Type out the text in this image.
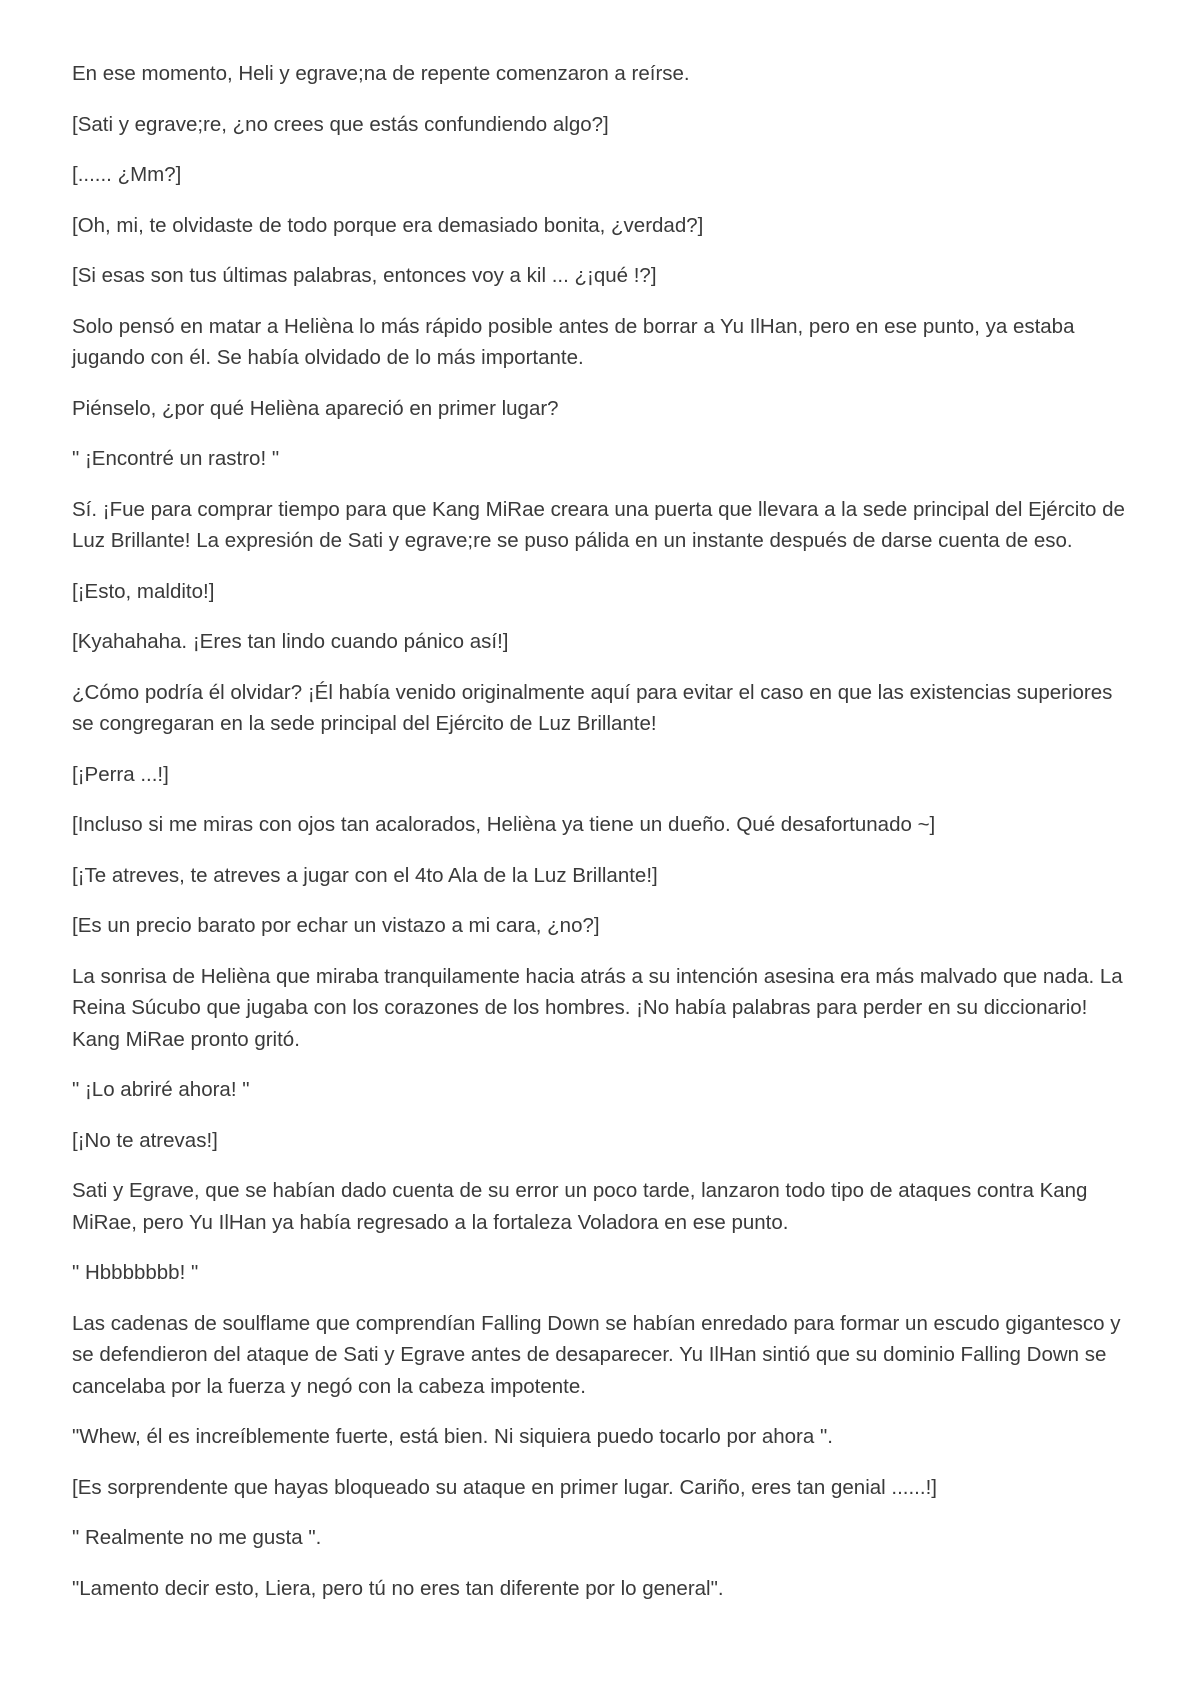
En ese momento, Heli y egrave;na de repente comenzaron a reírse.

[Sati y egrave;re, ¿no crees que estás confundiendo algo?]

[...... ¿Mm?]

[Oh, mi, te olvidaste de todo porque era demasiado bonita, ¿verdad?]

[Si esas son tus últimas palabras, entonces voy a kil ... ¿¡qué !?]

Solo pensó en matar a Helièna lo más rápido posible antes de borrar a Yu IlHan, pero en ese punto, ya estaba jugando con él. Se había olvidado de lo más importante.

Piénselo, ¿por qué Helièna apareció en primer lugar?

" ¡Encontré un rastro! "

Sí. ¡Fue para comprar tiempo para que Kang MiRae creara una puerta que llevara a la sede principal del Ejército de Luz Brillante! La expresión de Sati y egrave;re se puso pálida en un instante después de darse cuenta de eso.

[¡Esto, maldito!]

[Kyahahaha. ¡Eres tan lindo cuando pánico así!]

¿Cómo podría él olvidar? ¡Él había venido originalmente aquí para evitar el caso en que las existencias superiores se congregaran en la sede principal del Ejército de Luz Brillante!

[¡Perra ...!]

[Incluso si me miras con ojos tan acalorados, Helièna ya tiene un dueño. Qué desafortunado ~]

[¡Te atreves, te atreves a jugar con el 4to Ala de la Luz Brillante!]

[Es un precio barato por echar un vistazo a mi cara, ¿no?]

La sonrisa de Helièna que miraba tranquilamente hacia atrás a su intención asesina era más malvado que nada. La Reina Súcubo que jugaba con los corazones de los hombres. ¡No había palabras para perder en su diccionario! Kang MiRae pronto gritó.

" ¡Lo abriré ahora! "

[¡No te atrevas!]

Sati y Egrave, que se habían dado cuenta de su error un poco tarde, lanzaron todo tipo de ataques contra Kang MiRae, pero Yu IlHan ya había regresado a la fortaleza Voladora en ese punto.

" Hbbbbbbb! "

Las cadenas de soulflame que comprendían Falling Down se habían enredado para formar un escudo gigantesco y se defendieron del ataque de Sati y Egrave antes de desaparecer. Yu IlHan sintió que su dominio Falling Down se cancelaba por la fuerza y negó con la cabeza impotente.

"Whew, él es increíblemente fuerte, está bien. Ni siquiera puedo tocarlo por ahora ".

[Es sorprendente que hayas bloqueado su ataque en primer lugar. Cariño, eres tan genial ......!]

" Realmente no me gusta ".

"Lamento decir esto, Liera, pero tú no eres tan diferente por lo general".
